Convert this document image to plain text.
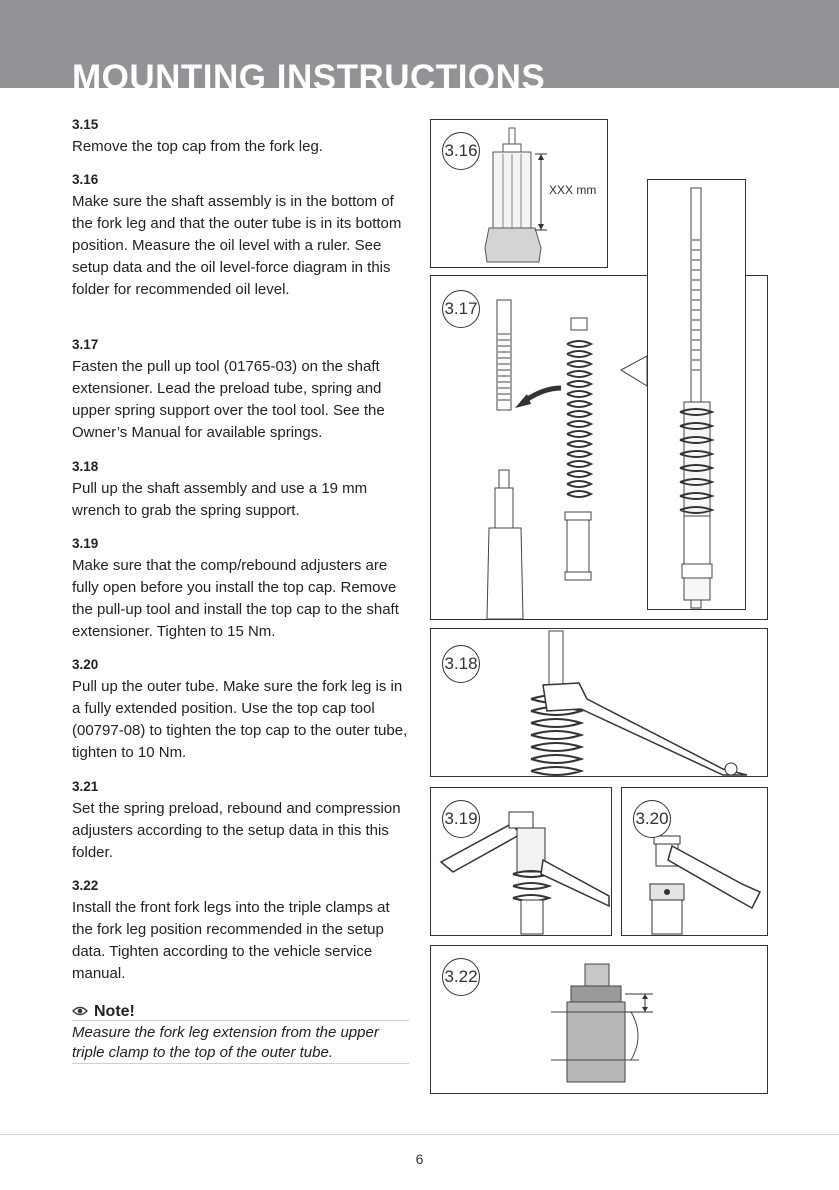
MOUNTING INSTRUCTIONS
3.15
Remove the top cap from the fork leg.
3.16
Make sure the shaft assembly is in the bottom of the fork leg and that the outer tube is in its bottom position. Measure the oil level with a ruler. See setup data and the oil level-force diagram in this folder for recommended oil level.
3.17
Fasten the pull up tool (01765-03) on the shaft extensioner. Lead the preload tube, spring and upper spring support over the tool tool. See the Owner’s Manual for available springs.
3.18
Pull up the shaft assembly and use a 19 mm wrench to grab the spring support.
3.19
Make sure that the comp/rebound adjusters are fully open before you install the top cap. Remove the pull-up tool and install the top cap to the shaft extensioner. Tighten to 15 Nm.
3.20
Pull up the outer tube. Make sure the fork leg is in a fully extended position. Use the top cap tool (00797-08) to tighten the top cap to the outer tube, tighten to 10 Nm.
3.21
Set the spring preload, rebound and compression adjusters according to the setup data in this this folder.
3.22
Install the front fork legs into the triple clamps at the fork leg position recommended in the setup data. Tighten according to the vehicle service manual.
Note!
Measure the fork leg extension from the upper triple clamp to the top of the outer tube.
3.16
XXX mm
3.17
3.18
3.19	3.20
3.22
6
